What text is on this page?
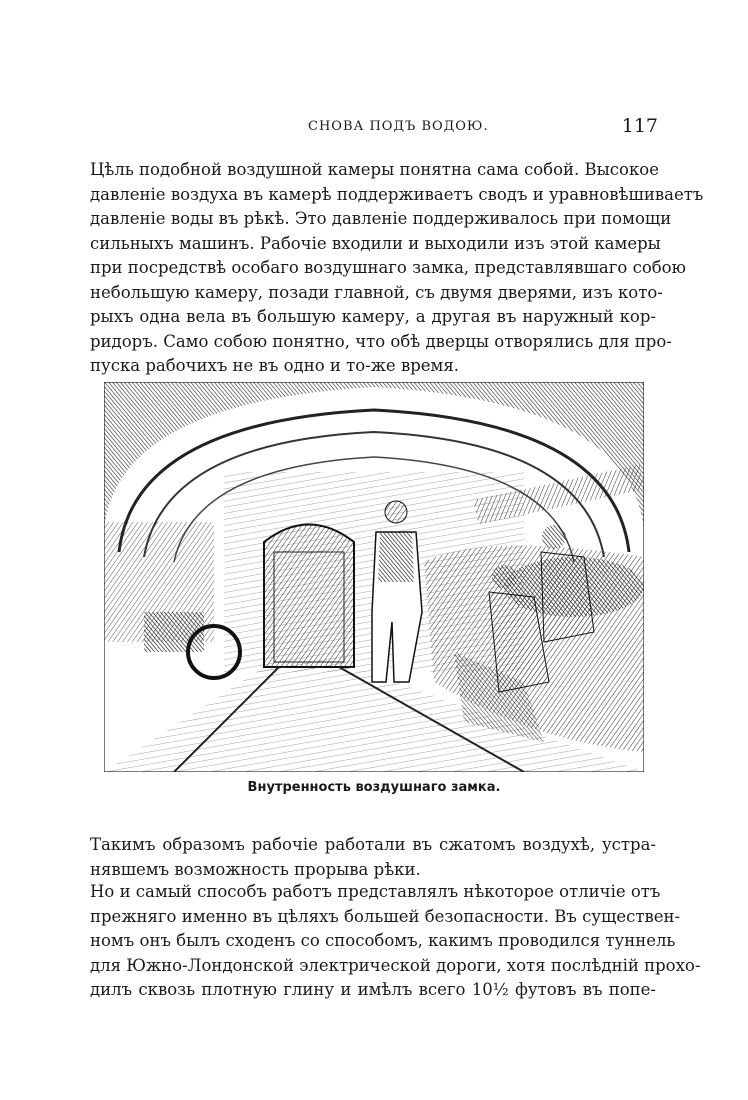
СНОВА ПОДЪ ВОДОЮ.	117
Цѣль подобной воздушной камеры понятна сама собой. Высокое
давленіе воздуха въ камерѣ поддерживаетъ сводъ и уравновѣшиваетъ
давленіе воды въ рѣкѣ. Это давленіе поддерживалось при помощи
сильныхъ машинъ. Рабочіе входили и выходили изъ этой камеры
при посредствѣ особаго воздушнаго замка, представлявшаго собою
небольшую камеру, позади главной, съ двумя дверями, изъ кото-
рыхъ одна вела въ большую камеру, а другая въ наружный кор-
ридоръ. Само собою понятно, что обѣ дверцы отворялись для про-
пуска рабочихъ не въ одно и то-же время.
Внутренность воздушнаго замка.
Такимъ образомъ рабочіе работали въ сжатомъ воздухѣ, устра-
нявшемъ возможность прорыва рѣки.
Но и самый способъ работъ представлялъ нѣкоторое отличіе отъ
прежняго именно въ цѣляхъ большей безопасности. Въ существен-
номъ онъ былъ сходенъ со способомъ, какимъ проводился туннель
для Южно-Лондонской электрической дороги, хотя послѣдній прохо-
дилъ сквозь плотную глину и имѣлъ всего 10½ футовъ въ попе-
